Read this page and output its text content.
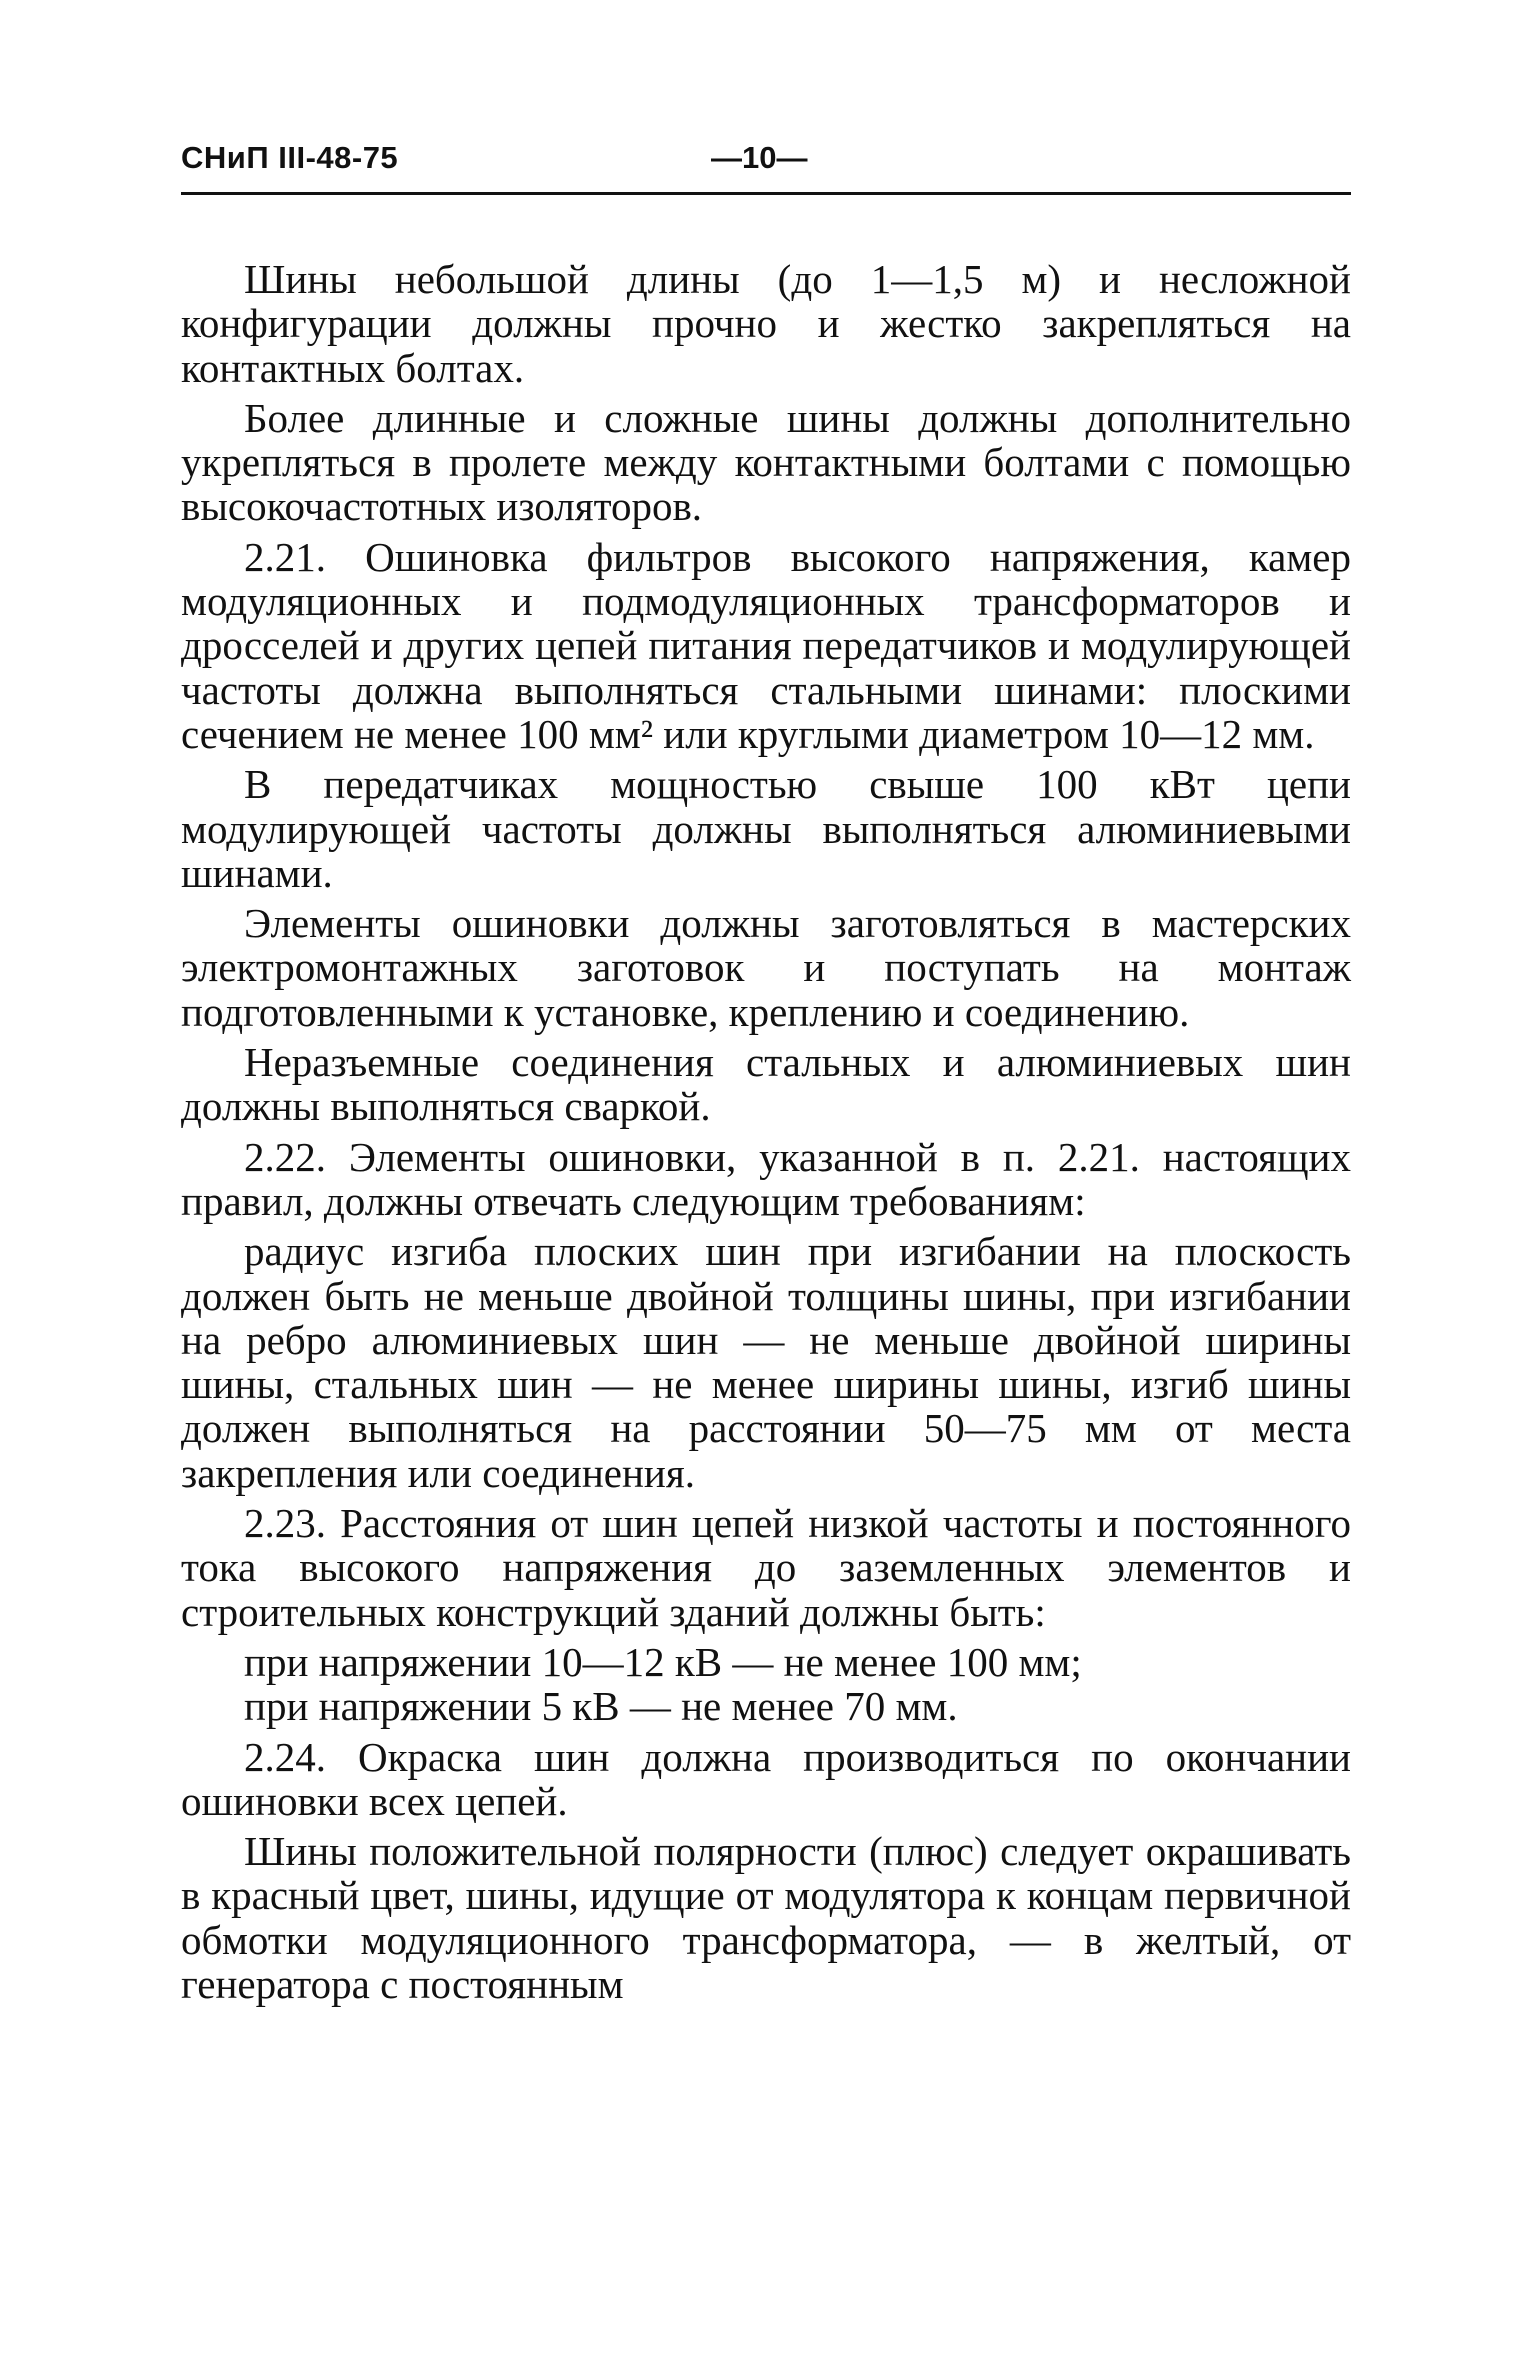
СНиП III-48-75	—10—

Шины небольшой длины (до 1—1,5 м) и несложной конфигурации должны прочно и жестко закрепляться на контактных болтах.

Более длинные и сложные шины должны дополнительно укрепляться в пролете между контактными болтами с помощью высокочастотных изоляторов.

2.21. Ошиновка фильтров высокого напряжения, камер модуляционных и подмодуляционных трансформаторов и дросселей и других цепей питания передатчиков и модулирующей частоты должна выполняться стальными шинами: плоскими сечением не менее 100 мм² или круглыми диаметром 10—12 мм.

В передатчиках мощностью свыше 100 кВт цепи модулирующей частоты должны выполняться алюминиевыми шинами.

Элементы ошиновки должны заготовляться в мастерских электромонтажных заготовок и поступать на монтаж подготовленными к установке, креплению и соединению.

Неразъемные соединения стальных и алюминиевых шин должны выполняться сваркой.

2.22. Элементы ошиновки, указанной в п. 2.21. настоящих правил, должны отвечать следующим требованиям:

радиус изгиба плоских шин при изгибании на плоскость должен быть не меньше двойной толщины шины, при изгибании на ребро алюминиевых шин — не меньше двойной ширины шины, стальных шин — не менее ширины шины, изгиб шины должен выполняться на расстоянии 50—75 мм от места закрепления или соединения.

2.23. Расстояния от шин цепей низкой частоты и постоянного тока высокого напряжения до заземленных элементов и строительных конструкций зданий должны быть:

при напряжении 10—12 кВ — не менее 100 мм;

при напряжении 5 кВ — не менее 70 мм.

2.24. Окраска шин должна производиться по окончании ошиновки всех цепей.

Шины положительной полярности (плюс) следует окрашивать в красный цвет, шины, идущие от модулятора к концам первичной обмотки модуляционного трансформатора, — в желтый, от генератора с постоянным
